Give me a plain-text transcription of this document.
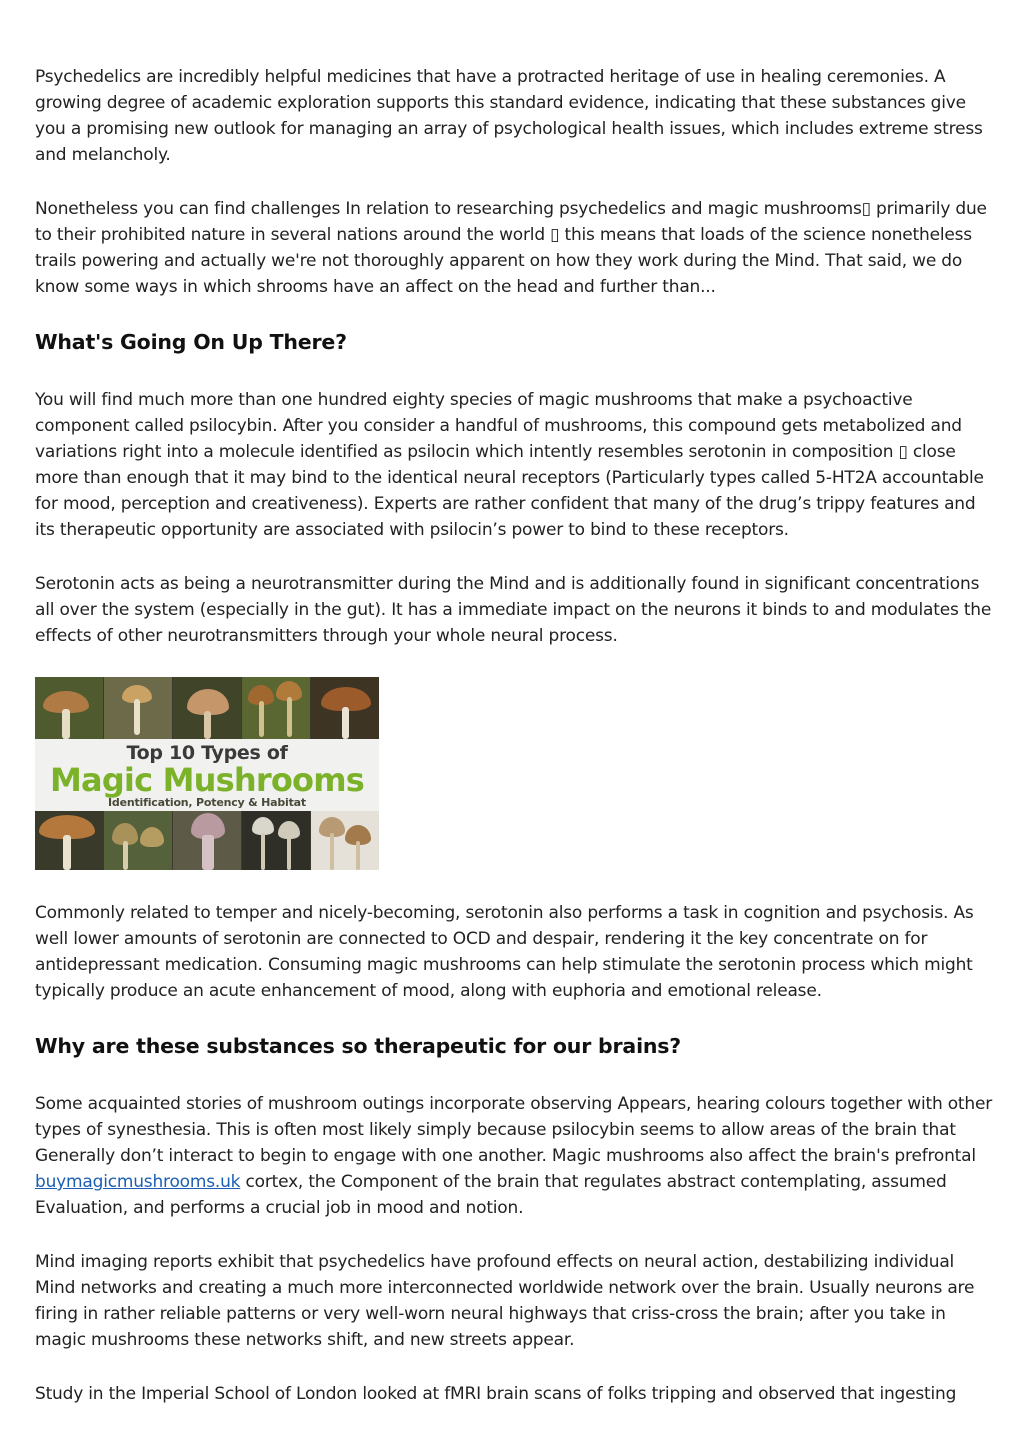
Psychedelics are incredibly helpful medicines that have a protracted heritage of use in healing ceremonies. A growing degree of academic exploration supports this standard evidence, indicating that these substances give you a promising new outlook for managing an array of psychological health issues, which includes extreme stress and melancholy.

Nonetheless you can find challenges In relation to researching psychedelics and magic mushrooms▯ primarily due to their prohibited nature in several nations around the world ▯ this means that loads of the science nonetheless trails powering and actually we're not thoroughly apparent on how they work during the Mind. That said, we do know some ways in which shrooms have an affect on the head and further than...

What's Going On Up There?

You will find much more than one hundred eighty species of magic mushrooms that make a psychoactive component called psilocybin. After you consider a handful of mushrooms, this compound gets metabolized and variations right into a molecule identified as psilocin which intently resembles serotonin in composition ▯ close more than enough that it may bind to the identical neural receptors (Particularly types called 5-HT2A accountable for mood, perception and creativeness). Experts are rather confident that many of the drug’s trippy features and its therapeutic opportunity are associated with psilocin’s power to bind to these receptors.

Serotonin acts as being a neurotransmitter during the Mind and is additionally found in significant concentrations all over the system (especially in the gut). It has a immediate impact on the neurons it binds to and modulates the effects of other neurotransmitters through your whole neural process.

Top 10 Types of
Magic Mushrooms
Identification, Potency & Habitat

Commonly related to temper and nicely-becoming, serotonin also performs a task in cognition and psychosis. As well lower amounts of serotonin are connected to OCD and despair, rendering it the key concentrate on for antidepressant medication. Consuming magic mushrooms can help stimulate the serotonin process which might typically produce an acute enhancement of mood, along with euphoria and emotional release.

Why are these substances so therapeutic for our brains?

Some acquainted stories of mushroom outings incorporate observing Appears, hearing colours together with other types of synesthesia. This is often most likely simply because psilocybin seems to allow areas of the brain that Generally don’t interact to begin to engage with one another. Magic mushrooms also affect the brain's prefrontal buymagicmushrooms.uk cortex, the Component of the brain that regulates abstract contemplating, assumed Evaluation, and performs a crucial job in mood and notion.

Mind imaging reports exhibit that psychedelics have profound effects on neural action, destabilizing individual Mind networks and creating a much more interconnected worldwide network over the brain. Usually neurons are firing in rather reliable patterns or very well-worn neural highways that criss-cross the brain; after you take in magic mushrooms these networks shift, and new streets appear.

Study in the Imperial School of London looked at fMRI brain scans of folks tripping and observed that ingesting
